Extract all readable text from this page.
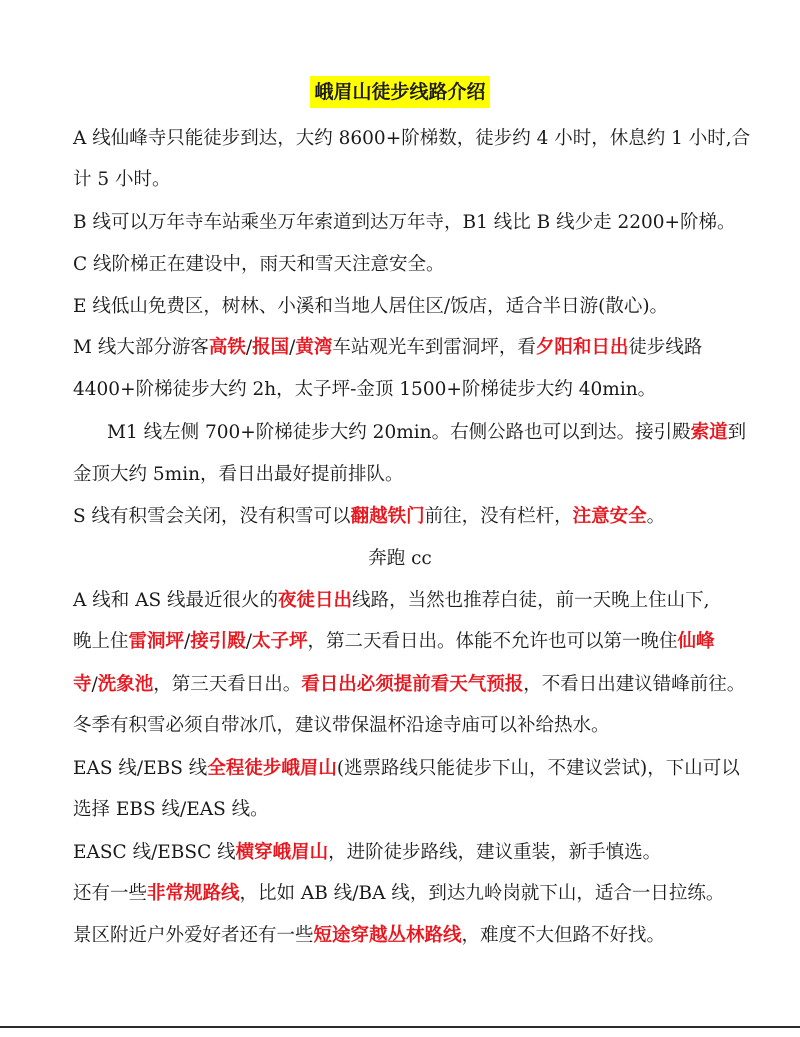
峨眉山徒步线路介绍
A 线仙峰寺只能徒步到达，大约 8600+阶梯数，徒步约 4 小时，休息约 1 小时,合
计 5 小时。
B 线可以万年寺车站乘坐万年索道到达万年寺，B1 线比 B 线少走 2200+阶梯。
C 线阶梯正在建设中，雨天和雪天注意安全。
E 线低山免费区，树林、小溪和当地人居住区/饭店，适合半日游(散心)。
M 线大部分游客高铁/报国/黄湾车站观光车到雷洞坪，看夕阳和日出徒步线路
4400+阶梯徒步大约 2h，太子坪-金顶 1500+阶梯徒步大约 40min。
M1 线左侧 700+阶梯徒步大约 20min。右侧公路也可以到达。接引殿索道到
金顶大约 5min，看日出最好提前排队。
S 线有积雪会关闭，没有积雪可以翻越铁门前往，没有栏杆，注意安全。
奔跑 cc
A 线和 AS 线最近很火的夜徒日出线路，当然也推荐白徒，前一天晚上住山下,
晚上住雷洞坪/接引殿/太子坪，第二天看日出。体能不允许也可以第一晚住仙峰
寺/洗象池，第三天看日出。看日出必须提前看天气预报，不看日出建议错峰前往。
冬季有积雪必须自带冰爪，建议带保温杯沿途寺庙可以补给热水。
EAS 线/EBS 线全程徒步峨眉山(逃票路线只能徒步下山，不建议尝试)，下山可以
选择 EBS 线/EAS 线。
EASC 线/EBSC 线横穿峨眉山，进阶徒步路线，建议重装，新手慎选。
还有一些非常规路线，比如 AB 线/BA 线，到达九岭岗就下山，适合一日拉练。
景区附近户外爱好者还有一些短途穿越丛林路线，难度不大但路不好找。
